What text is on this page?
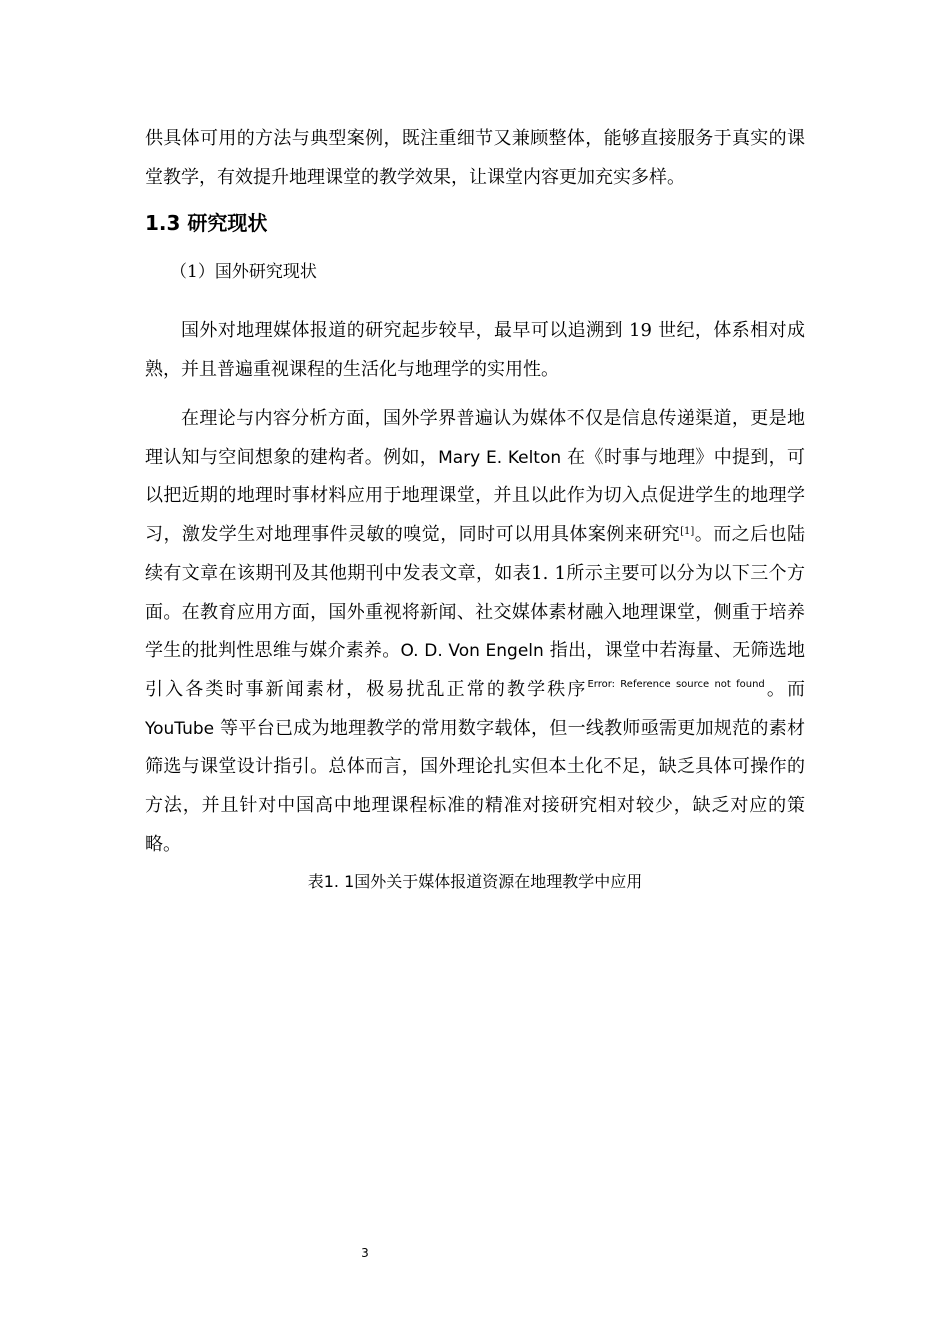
供具体可用的方法与典型案例，既注重细节又兼顾整体，能够直接服务于真实的课堂教学，有效提升地理课堂的教学效果，让课堂内容更加充实多样。

1.3 研究现状

（1）国外研究现状

国外对地理媒体报道的研究起步较早，最早可以追溯到 19 世纪，体系相对成熟，并且普遍重视课程的生活化与地理学的实用性。

在理论与内容分析方面，国外学界普遍认为媒体不仅是信息传递渠道，更是地理认知与空间想象的建构者。例如，Mary E. Kelton 在《时事与地理》中提到，可以把近期的地理时事材料应用于地理课堂，并且以此作为切入点促进学生的地理学习，激发学生对地理事件灵敏的嗅觉，同时可以用具体案例来研究[1]。而之后也陆续有文章在该期刊及其他期刊中发表文章，如表1. 1所示主要可以分为以下三个方面。在教育应用方面，国外重视将新闻、社交媒体素材融入地理课堂，侧重于培养学生的批判性思维与媒介素养。O. D. Von Engeln 指出，课堂中若海量、无筛选地引入各类时事新闻素材，极易扰乱正常的教学秩序$^{Error: Reference source not found}$。而 YouTube 等平台已成为地理教学的常用数字载体，但一线教师亟需更加规范的素材筛选与课堂设计指引。总体而言，国外理论扎实但本土化不足，缺乏具体可操作的方法，并且针对中国高中地理课程标准的精准对接研究相对较少，缺乏对应的策略。

表1. 1国外关于媒体报道资源在地理教学中应用

3
